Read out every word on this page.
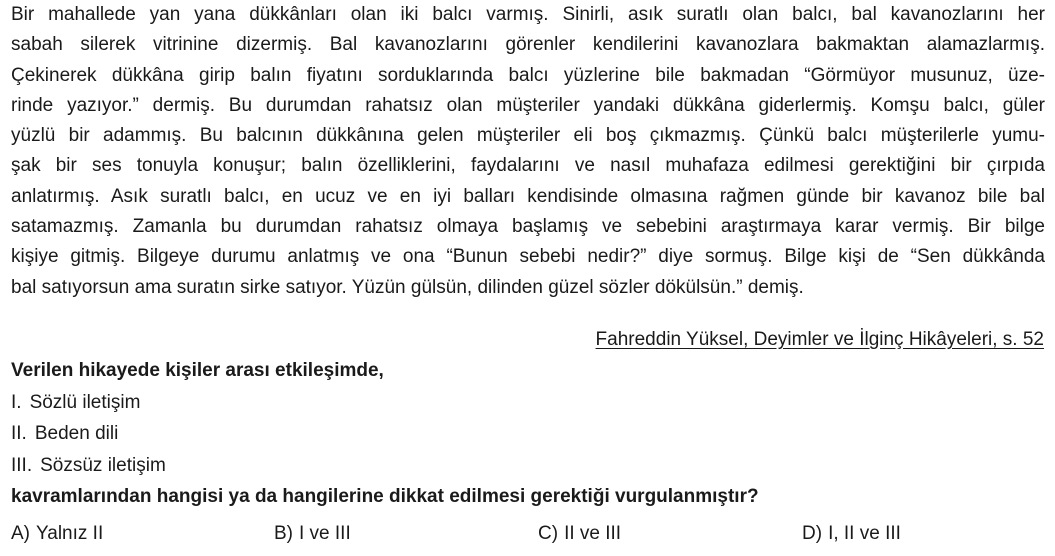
Bir mahallede yan yana dükkânları olan iki balcı varmış. Sinirli, asık suratlı olan balcı, bal kavanozlarını her
sabah silerek vitrinine dizermiş. Bal kavanozlarını görenler kendilerini kavanozlara bakmaktan alamazlarmış.
Çekinerek dükkâna girip balın fiyatını sorduklarında balcı yüzlerine bile bakmadan “Görmüyor musunuz, üze-
rinde yazıyor.” dermiş. Bu durumdan rahatsız olan müşteriler yandaki dükkâna giderlermiş. Komşu balcı, güler
yüzlü bir adammış. Bu balcının dükkânına gelen müşteriler eli boş çıkmazmış. Çünkü balcı müşterilerle yumu-
şak bir ses tonuyla konuşur; balın özelliklerini, faydalarını ve nasıl muhafaza edilmesi gerektiğini bir çırpıda
anlatırmış. Asık suratlı balcı, en ucuz ve en iyi balları kendisinde olmasına rağmen günde bir kavanoz bile bal
satamazmış. Zamanla bu durumdan rahatsız olmaya başlamış ve sebebini araştırmaya karar vermiş. Bir bilge
kişiye gitmiş. Bilgeye durumu anlatmış ve ona “Bunun sebebi nedir?” diye sormuş. Bilge kişi de “Sen dükkânda
bal satıyorsun ama suratın sirke satıyor. Yüzün gülsün, dilinden güzel sözler dökülsün.” demiş.
Fahreddin Yüksel, Deyimler ve İlginç Hikâyeleri, s. 52
Verilen hikayede kişiler arası etkileşimde,
I. Sözlü iletişim
II. Beden dili
III. Sözsüz iletişim
kavramlarından hangisi ya da hangilerine dikkat edilmesi gerektiği vurgulanmıştır?
A) Yalnız II	B) I ve III	C) II ve III	D) I, II ve III
